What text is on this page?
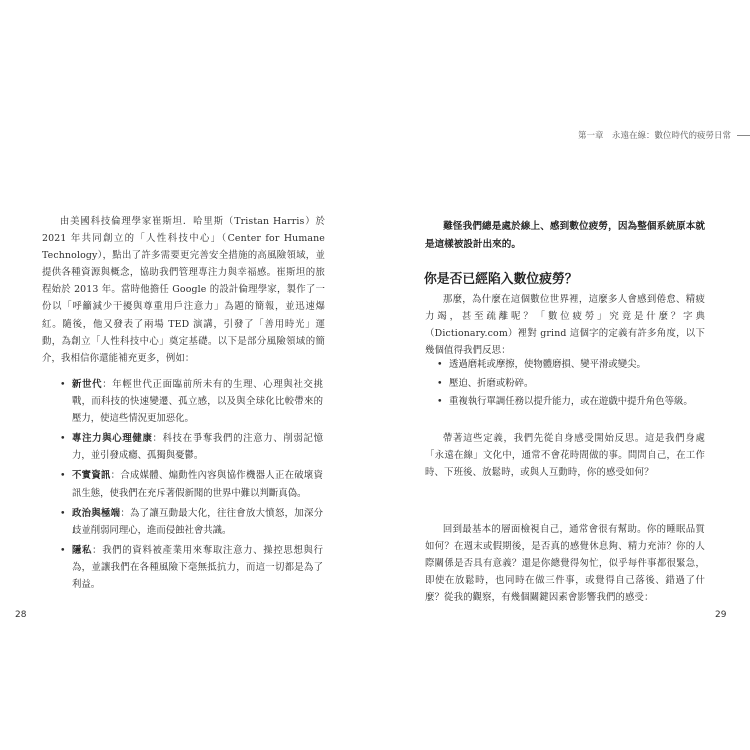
由美國科技倫理學家崔斯坦．哈里斯（Tristan Harris）於 2021 年共同創立的「人性科技中心」（Center for Humane Technology），點出了許多需要更完善安全措施的高風險領域，並提供各種資源與概念，協助我們管理專注力與幸福感。崔斯坦的旅程始於 2013 年。當時他擔任 Google 的設計倫理學家，製作了一份以「呼籲減少干擾與尊重用戶注意力」為題的簡報，並迅速爆紅。隨後，他又發表了兩場 TED 演講，引發了「善用時光」運動，為創立「人性科技中心」奠定基礎。以下是部分風險領域的簡介，我相信你還能補充更多，例如：

• 新世代：年輕世代正面臨前所未有的生理、心理與社交挑戰，而科技的快速變遷、孤立感，以及與全球化比較帶來的壓力，使這些情況更加惡化。
• 專注力與心理健康：科技在爭奪我們的注意力、削弱記憶力，並引發成癮、孤獨與憂鬱。
• 不實資訊：合成媒體、煽動性內容與協作機器人正在破壞資訊生態，使我們在充斥著假新聞的世界中難以判斷真偽。
• 政治與極端：為了讓互動最大化，往往會放大憤怒，加深分歧並削弱同理心，進而侵蝕社會共識。
• 隱私：我們的資料被產業用來奪取注意力、操控思想與行為，並讓我們在各種風險下毫無抵抗力，而這一切都是為了利益。
28

難怪我們總是處於線上、感到數位疲勞，因為整個系統原本就是這樣被設計出來的。

你是否已經陷入數位疲勞？

那麼，為什麼在這個數位世界裡，這麼多人會感到倦怠、精疲力竭，甚至疏離呢？「數位疲勞」究竟是什麼？字典（Dictionary.com）裡對 grind 這個字的定義有許多角度，以下幾個值得我們反思：

• 透過磨耗或摩擦，使物體磨損、變平滑或變尖。
• 壓迫、折磨或粉碎。
• 重複執行單調任務以提升能力，或在遊戲中提升角色等級。

帶著這些定義，我們先從自身感受開始反思。這是我們身處「永遠在線」文化中，通常不會花時間做的事。問問自己，在工作時、下班後、放鬆時，或與人互動時，你的感受如何？

回到最基本的層面檢視自己，通常會很有幫助。你的睡眠品質如何？在週末或假期後，是否真的感覺休息夠、精力充沛？你的人際關係是否具有意義？還是你總覺得匆忙，似乎每件事都很緊急，即使在放鬆時，也同時在做三件事，或覺得自己落後、錯過了什麼？從我的觀察，有幾個關鍵因素會影響我們的感受：

29
第一章　永遠在線：數位時代的疲勞日常
